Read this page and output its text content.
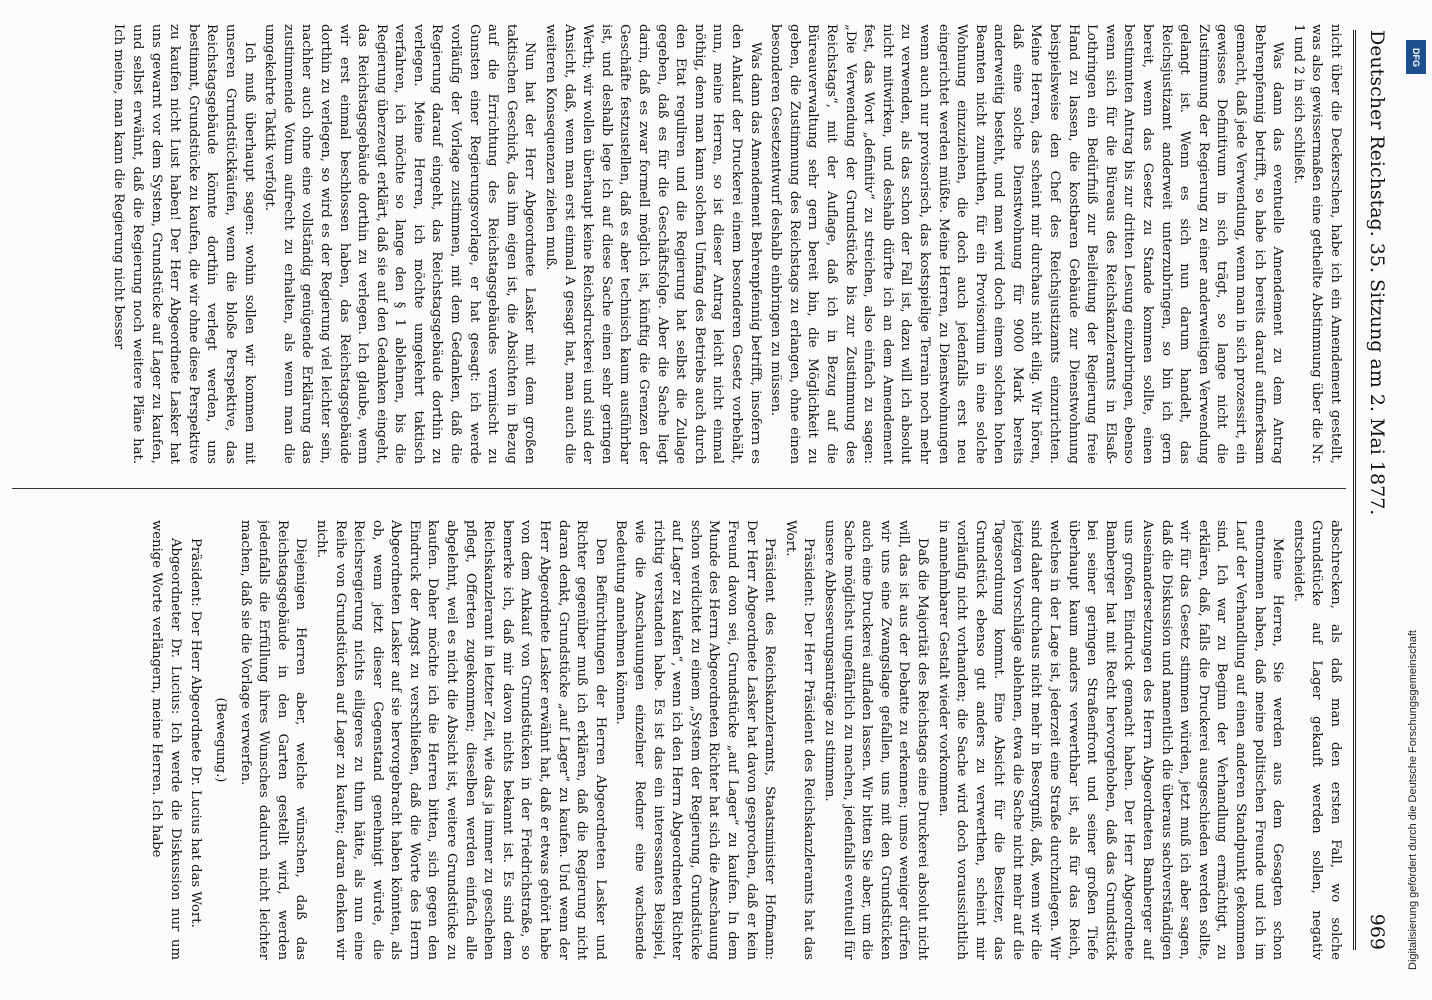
Deutscher Reichstag. 35. Sitzung am 2. Mai 1877.
969

nicht über die Deckerschen, habe ich ein Amendement gestellt, was also gewissermaßen eine getheilte Abstimmung über die Nr. 1 und 2 in sich schließt.

Was dann das eventuelle Amendement zu dem Antrag Behrenpfennig betrifft, so habe ich bereits darauf aufmerksam gemacht, daß jede Verwendung, wenn man in sich prozessirt, ein gewisses Definitivum in sich trägt, so lange nicht die Zustimmung der Regierung zu einer anderweitigen Verwendung gelangt ist. Wenn es sich nun darum handelt, das Reichsjustizamt anderweit unterzubringen, so bin ich gern bereit, wenn das Gesetz zu Stande kommen sollte, einen bestimmten Antrag bis zur dritten Lesung einzubringen, ebenso wenn sich für die Büreaus des Reichskanzleramts in Elsaß-Lothringen ein Bedürfniß zur Beileitung der Regierung freie Hand zu lassen, die kostbaren Gebäude zur Dienstwohnung beispielsweise den Chef des Reichsjustizamts einzurichten. Meine Herren, das scheint mir durchaus nicht eilig. Wir hören, daß eine solche Dienstwohnung für 9000 Mark bereits anderweitig besteht, und man wird doch einem solchen hohen Beamten nicht zumuthen, für ein Provisorium in eine solche Wohnung einzuziehen, die doch auch jedenfalls erst neu eingerichtet werden müßte. Meine Herren, zu Dienstwohnungen wenn auch nur provisorisch, das kostspielige Terrain noch mehr zu verwenden, als das schon der Fall ist, dazu will ich absolut nicht mitwirken, und deshalb dürfte ich an dem Amendement fest, das Wort „definitiv“ zu streichen, also einfach zu sagen: „Die Verwendung der Grundstücke bis zur Zustimmung des Reichstags“, mit der Auflage, daß ich in Bezug auf die Büreauverwaltung sehr gern bereit bin, die Möglichkeit zu geben, die Zustimmung des Reichstags zu erlangen, ohne einen besonderen Gesetzentwurf deshalb einbringen zu müssen.

Was dann das Amendement Behrenpfennig betrifft, insofern es den Ankauf der Druckerei einem besonderen Gesetz vorbehält, nun, meine Herren, so ist dieser Antrag leicht nicht einmal nöthig, denn man kann solchen Umfang des Betriebs auch durch den Etat reguliren und die Regierung hat selbst die Zulage gegeben, daß es für die Geschäftsfolge. Aber die Sache liegt darin, daß es zwar formell möglich ist, künftig die Grenzen der Geschäfte festzustellen, daß es aber technisch kaum ausführbar ist, und deshalb lege ich auf diese Sache einen sehr geringen Werth; wir wollen überhaupt keine Reichsdruckerei und sind der Ansicht, daß, wenn man erst einmal A gesagt hat, man auch die weiteren Konsequenzen ziehen muß.

Nun hat der Herr Abgeordnete Lasker mit dem großen taktischen Geschick, das ihm eigen ist, die Absichten in Bezug auf die Errichtung des Reichstagsgebäudes vermischt zu Gunsten einer Regierungsvorlage, er hat gesagt: ich werde vorläufig der Vorlage zustimmen, mit dem Gedanken, daß die Regierung darauf eingeht, das Reichstagsgebäude dorthin zu verlegen. Meine Herren, ich möchte umgekehrt taktisch verfahren, ich möchte so lange den § 1 ablehnen, bis die Regierung überzeugt erklärt, daß sie auf den Gedanken eingeht, das Reichstagsgebäude dorthin zu verlegen. Ich glaube, wenn wir erst einmal beschlossen haben, das Reichstagsgebäude dorthin zu verlegen, so wird es der Regierung viel leichter sein, nachher auch ohne eine vollständig genügende Erklärung das zustimmende Votum aufrecht zu erhalten, als wenn man die umgekehrte Taktik verfolgt.

Ich muß überhaupt sagen: wohin sollen wir kommen mit unseren Grundstückkäufen, wenn die bloße Perspektive, das Reichstagsgebäude könnte dorthin verlegt werden, uns bestimmt, Grundstücke zu kaufen, die wir ohne diese Perspektive zu kaufen nicht Lust haben! Der Herr Abgeordnete Lasker hat uns gewarnt vor dem System, Grundstücke auf Lager zu kaufen, und selbst erwähnt, daß die Regierung noch weitere Pläne hat. Ich meine, man kann die Regierung nicht besser

abschrecken, als daß man den ersten Fall, wo solche Grundstücke auf Lager gekauft werden sollen, negativ entscheidet.

Meine Herren, Sie werden aus dem Gesagten schon entnommen haben, daß meine politischen Freunde und ich im Lauf der Verhandlung auf einen anderen Standpunkt gekommen sind. Ich war zu Beginn der Verhandlung ermächtigt, zu erklären, daß, falls die Druckerei ausgeschieden werden sollte, wir für das Gesetz stimmen würden, jetzt muß ich aber sagen, daß die Diskussion und namentlich die überaus sachverständigen Auseinandersetzungen des Herrn Abgeordneten Bamberger auf uns großen Eindruck gemacht haben. Der Herr Abgeordnete Bamberger hat mit Recht hervorgehoben, daß das Grundstück bei seiner geringen Straßenfront und seiner großen Tiefe überhaupt kaum anders verwerthbar ist, als für das Reich, welches in der Lage ist, jederzeit eine Straße durchzulegen. Wir sind daher durchaus nicht mehr in Besorgniß, daß, wenn wir die jetzigen Vorschläge ablehnen, etwa die Sache nicht mehr auf die Tagesordnung kommt. Eine Absicht für die Besitzer, das Grundstück ebenso gut anders zu verwerthen, scheint mir vorläufig nicht vorhanden; die Sache wird doch voraussichtlich in annehmbarer Gestalt wieder vorkommen.

Daß die Majorität des Reichstags eine Druckerei absolut nicht will, das ist aus der Debatte zu erkennen; umso weniger dürfen wir uns eine Zwangslage gefallen, uns mit den Grundstücken auch eine Druckerei aufladen lassen. Wir bitten Sie aber, um die Sache möglichst ungefährlich zu machen, jedenfalls eventuell für unsere Abbesserungsanträge zu stimmen.

Präsident: Der Herr Präsident des Reichskanzleramts hat das Wort.

Präsident des Reichskanzleramts, Staatsminister Hofmann: Der Herr Abgeordnete Lasker hat davon gesprochen, daß er kein Freund davon sei, Grundstücke „auf Lager“ zu kaufen. In dem Munde des Herrn Abgeordneten Richter hat sich die Anschauung schon verdichtet zu einem „System der Regierung, Grundstücke auf Lager zu kaufen“, wenn ich den Herrn Abgeordneten Richter richtig verstanden habe. Es ist das ein interessantes Beispiel, wie die Anschauungen einzelner Redner eine wachsende Bedeutung annehmen können.

Den Befürchtungen der Herren Abgeordneten Lasker und Richter gegenüber muß ich erklären, daß die Regierung nicht daran denkt, Grundstücke „auf Lager“ zu kaufen. Und wenn der Herr Abgeordnete Lasker erwähnt hat, daß er etwas gehört habe von dem Ankauf von Grundstücken in der Friedrichstraße, so bemerke ich, daß mir davon nichts bekannt ist. Es sind dem Reichskanzleramt in letzter Zeit, wie das ja immer zu geschehen pflegt, Offerten zugekommen; dieselben werden einfach alle abgelehnt, weil es nicht die Absicht ist, weitere Grundstücke zu kaufen. Daher möchte ich die Herren bitten, sich gegen den Eindruck der Angst zu verschließen, daß die Worte des Herrn Abgeordneten Lasker auf sie hervorgebracht haben könnten, als ob, wenn jetzt dieser Gegenstand genehmigt würde, die Reichsregierung nichts eiligeres zu thun hätte, als nun eine Reihe von Grundstücken auf Lager zu kaufen; daran denken wir nicht.

Diejenigen Herren aber, welche wünschen, daß das Reichstagsgebäude in den Garten gestellt wird, werden jedenfalls die Erfüllung ihres Wunsches dadurch nicht leichter machen, daß sie die Vorlage verwerfen.

(Bewegung.)

Präsident: Der Herr Abgeordnete Dr. Lucius hat das Wort.

Abgeordneter Dr. Lucius: Ich werde die Diskussion nur um wenige Worte verlängern, meine Herren. Ich habe	Digitalisierung gefördert durch die Deutsche Forschungsgemeinschaft
DFG
